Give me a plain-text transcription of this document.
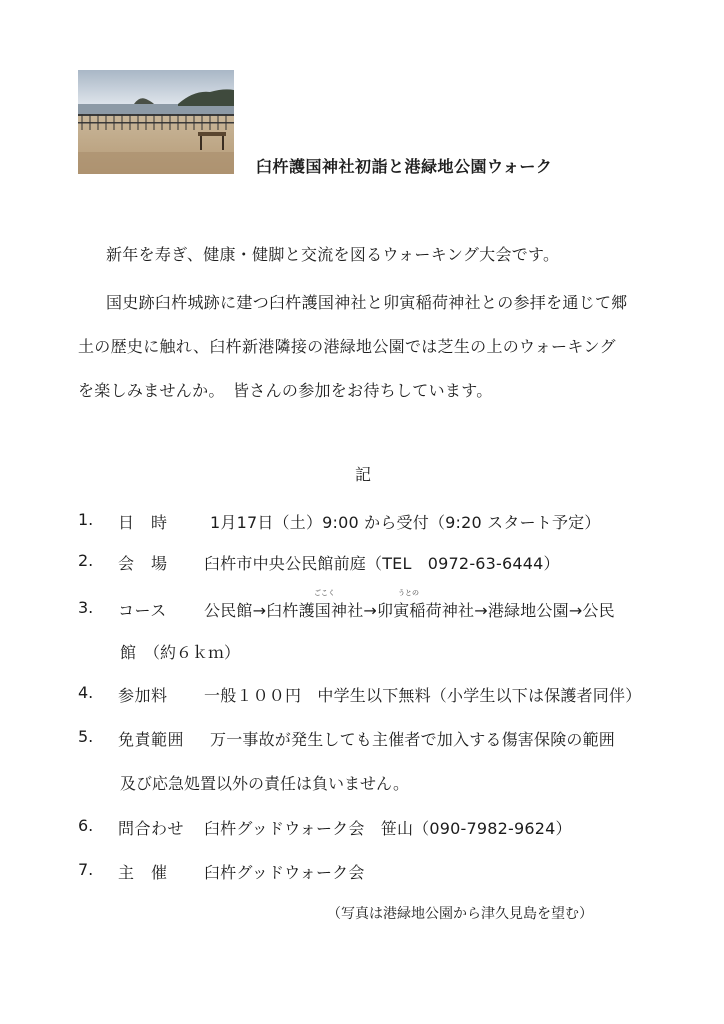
臼杵護国神社初詣と港緑地公園ウォーク

新年を寿ぎ、健康・健脚と交流を図るウォーキング大会です。

国史跡臼杵城跡に建つ臼杵護国神社と卯寅稲荷神社との参拝を通じて郷

土の歴史に触れ、臼杵新港隣接の港緑地公園では芝生の上のウォーキング

を楽しみませんか。　皆さんの参加をお待ちしています。

記
1. 日　時	1月17日（土）9:00 から受付（9:20 スタート予定）
2. 会　場 臼杵市中央公民館前庭（TEL　0972-63-6444）
ごこく	うとの
3. コース 公民館→臼杵護国神社→卯寅稲荷神社→港緑地公園→公民
館　（約６ｋｍ）
4. 参加料 一般１００円　中学生以下無料（小学生以下は保護者同伴）
5. 免責範囲 万一事故が発生しても主催者で加入する傷害保険の範囲
及び応急処置以外の責任は負いません。
6. 問合わせ 臼杵グッドウォーク会　笹山（090-7982-9624）
7. 主　催 臼杵グッドウォーク会
（写真は港緑地公園から津久見島を望む）
